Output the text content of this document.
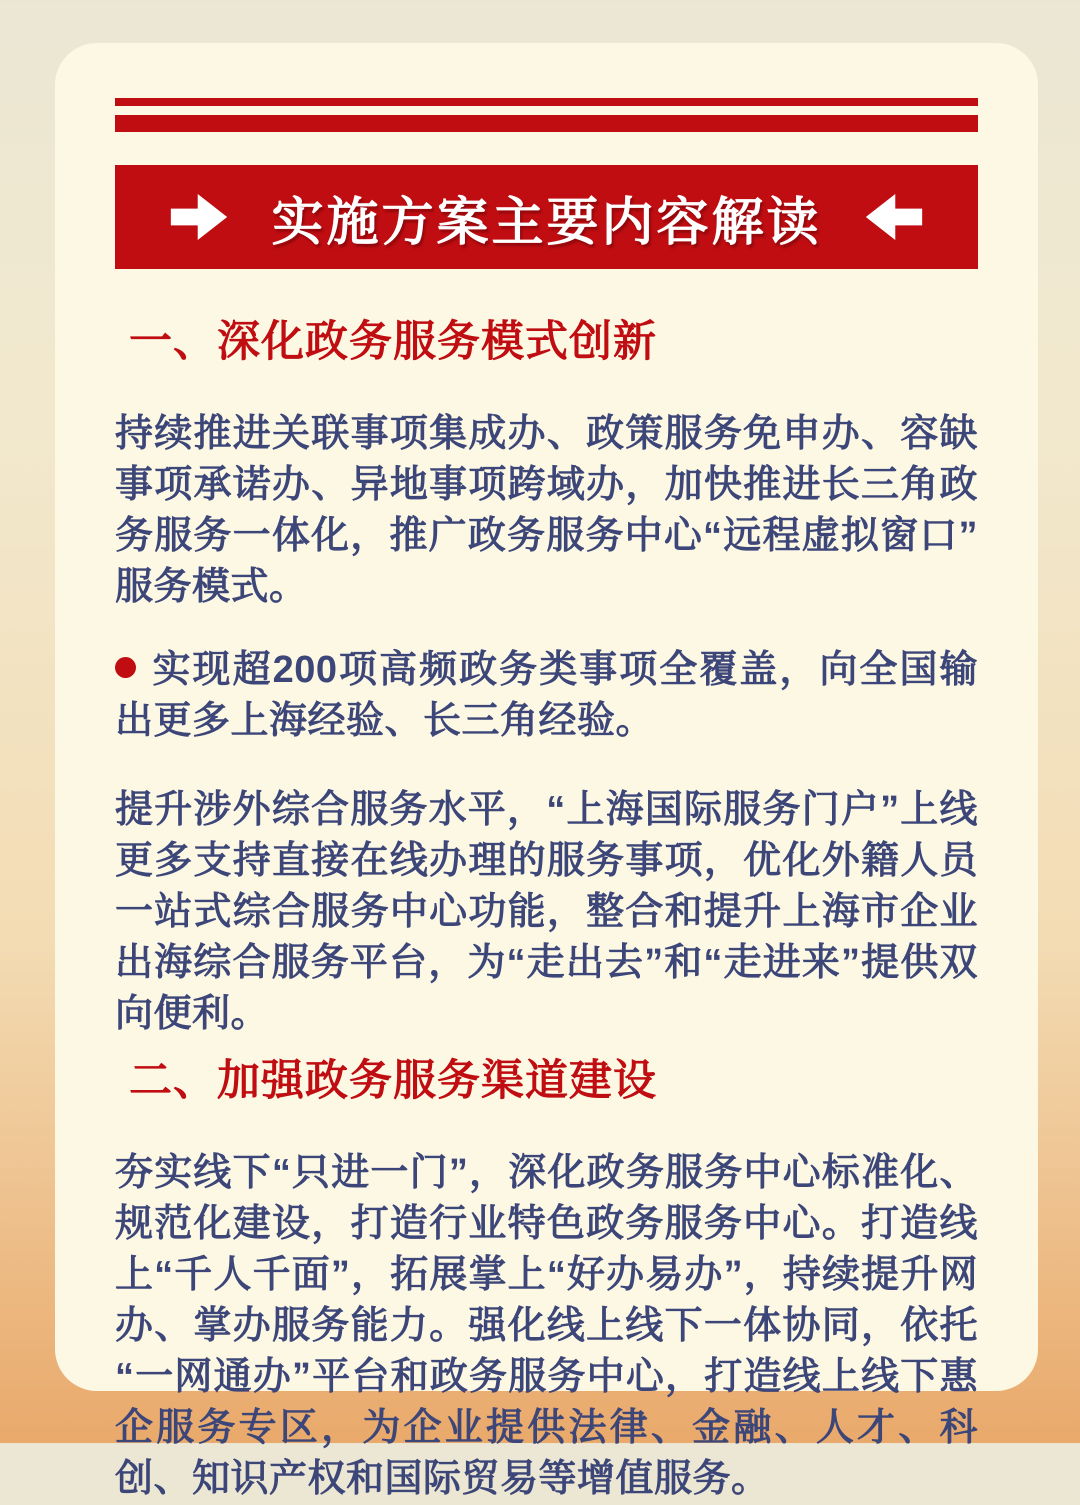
实施方案主要内容解读
一、深化政务服务模式创新

持续推进关联事项集成办、政策服务免申办、容缺事项承诺办、异地事项跨域办，加快推进长三角政务服务一体化，推广政务服务中心“远程虚拟窗口”服务模式。

实现超200项高频政务类事项全覆盖，向全国输出更多上海经验、长三角经验。

提升涉外综合服务水平，“上海国际服务门户”上线更多支持直接在线办理的服务事项，优化外籍人员一站式综合服务中心功能，整合和提升上海市企业出海综合服务平台，为“走出去”和“走进来”提供双向便利。

二、加强政务服务渠道建设

夯实线下“只进一门”，深化政务服务中心标准化、规范化建设，打造行业特色政务服务中心。打造线上“千人千面”，拓展掌上“好办易办”，持续提升网办、掌办服务能力。强化线上线下一体协同，依托“一网通办”平台和政务服务中心，打造线上线下惠企服务专区，为企业提供法律、金融、人才、科创、知识产权和国际贸易等增值服务。
